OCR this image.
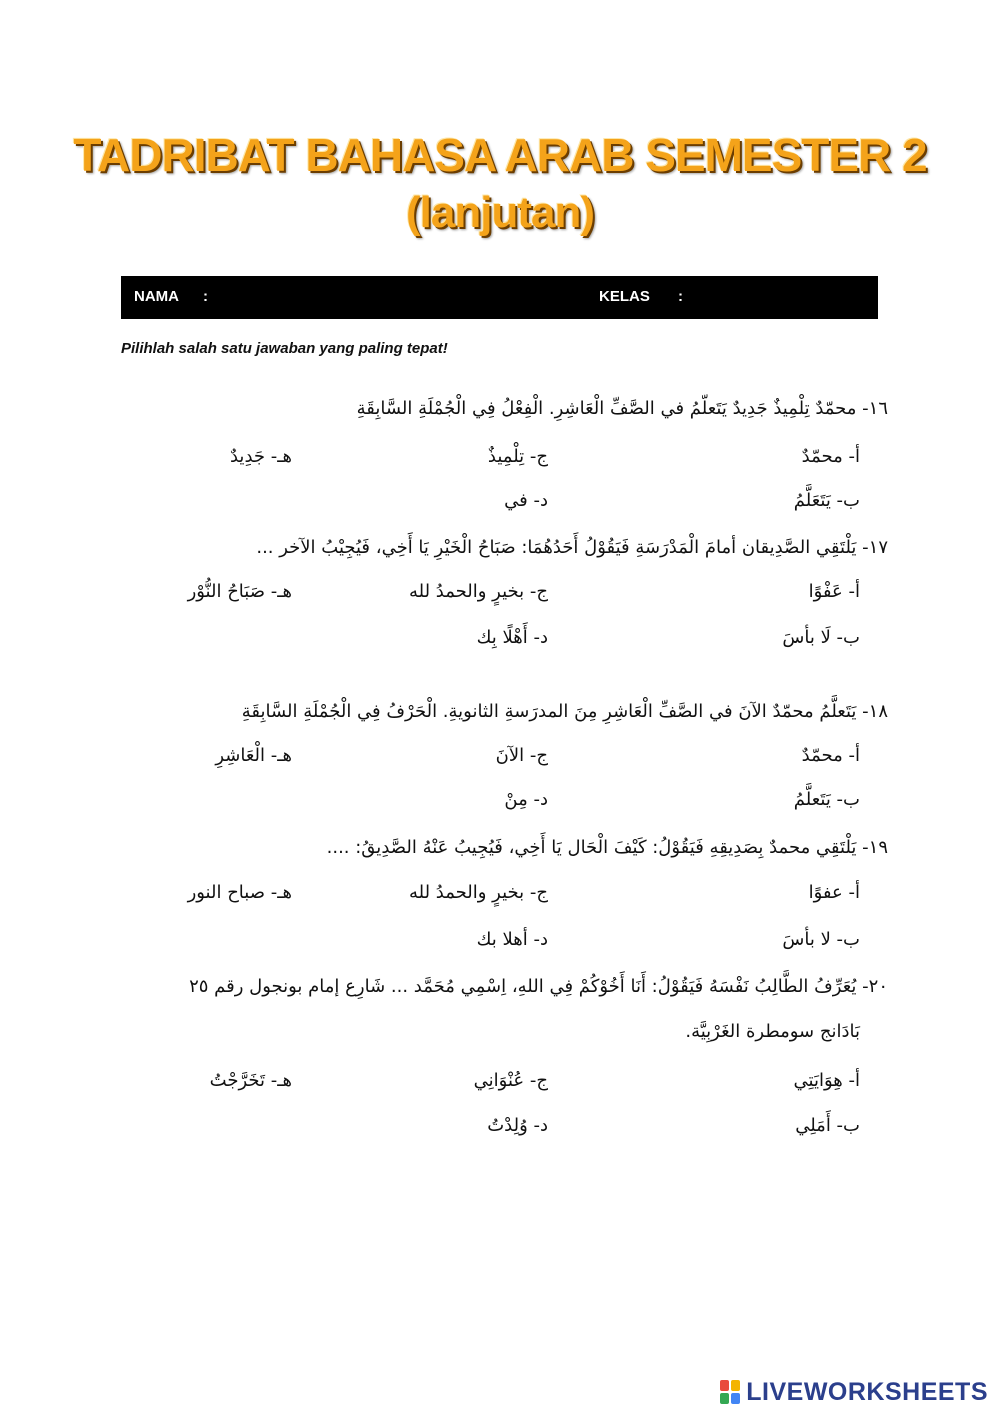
TADRIBAT BAHASA ARAB SEMESTER 2
(lanjutan)
NAMA :	KELAS :
Pilihlah salah satu jawaban yang paling tepat!
١٦- محمّدٌ تِلْمِيذٌ جَدِيدٌ يَتَعلّمُ في الصَّفِّ الْعَاشِرِ. الْفِعْلُ فِي الْجُمْلَةِ السَّابِقَةِ
أ- محمّدٌ
ج- تِلْمِيذٌ
هـ- جَدِيدٌ
ب- يَتَعَلَّمُ
د- في
١٧- يَلْتَقِي الصَّدِيقان أمامَ الْمَدْرَسَةِ فَيَقُوْلُ أَحَدُهُمَا: صَبَاحُ الْخَيْرِ يَا أَخِي، فَيُجِيْبُ الآخر ...
أ- عَفْوًا
ج- بخيرٍ والحمدُ لله
هـ- صَبَاحُ النُّوْر
ب- لَا بأسَ
د- أَهْلًا بِك
١٨- يَتَعلَّمُ محمّدٌ الآنَ في الصَّفِّ الْعَاشِرِ مِنَ المدرَسةِ الثانويةِ. الْحَرْفُ فِي الْجُمْلَةِ السَّابِقَةِ
أ- محمّدٌ
ج- الآنَ
هـ- الْعَاشِرِ
ب- يَتَعلَّمُ
د- مِنْ
١٩- يَلْتَقِي محمدٌ بِصَدِيقِهِ فَيَقُوْلُ: كَيْفَ الْحَال يَا أَخِي، فَيُجِيبُ عَنْهُ الصَّدِيقُ: ....
أ- عفوًا
ج- بخيرٍ والحمدُ لله
هـ- صباح النور
ب- لا بأسَ
د- أهلا بك
٢٠- يُعَرِّفُ الطَّالِبُ نَفْسَهُ فَيَقُوْلُ: أَنَا أَخُوْكُمْ فِي اللهِ، اِسْمِي مُحَمَّد ... شَارِع إمام بونجول رقم ٢٥
بَادَانج سومطرة الغَرْبِيَّة.
أ- هِوَايَتِي
ج- عُنْوَانِي
هـ- تَخَرَّجْتُ
ب- أَمَلِي
د- وُلِدْتُ
LIVEWORKSHEETS
